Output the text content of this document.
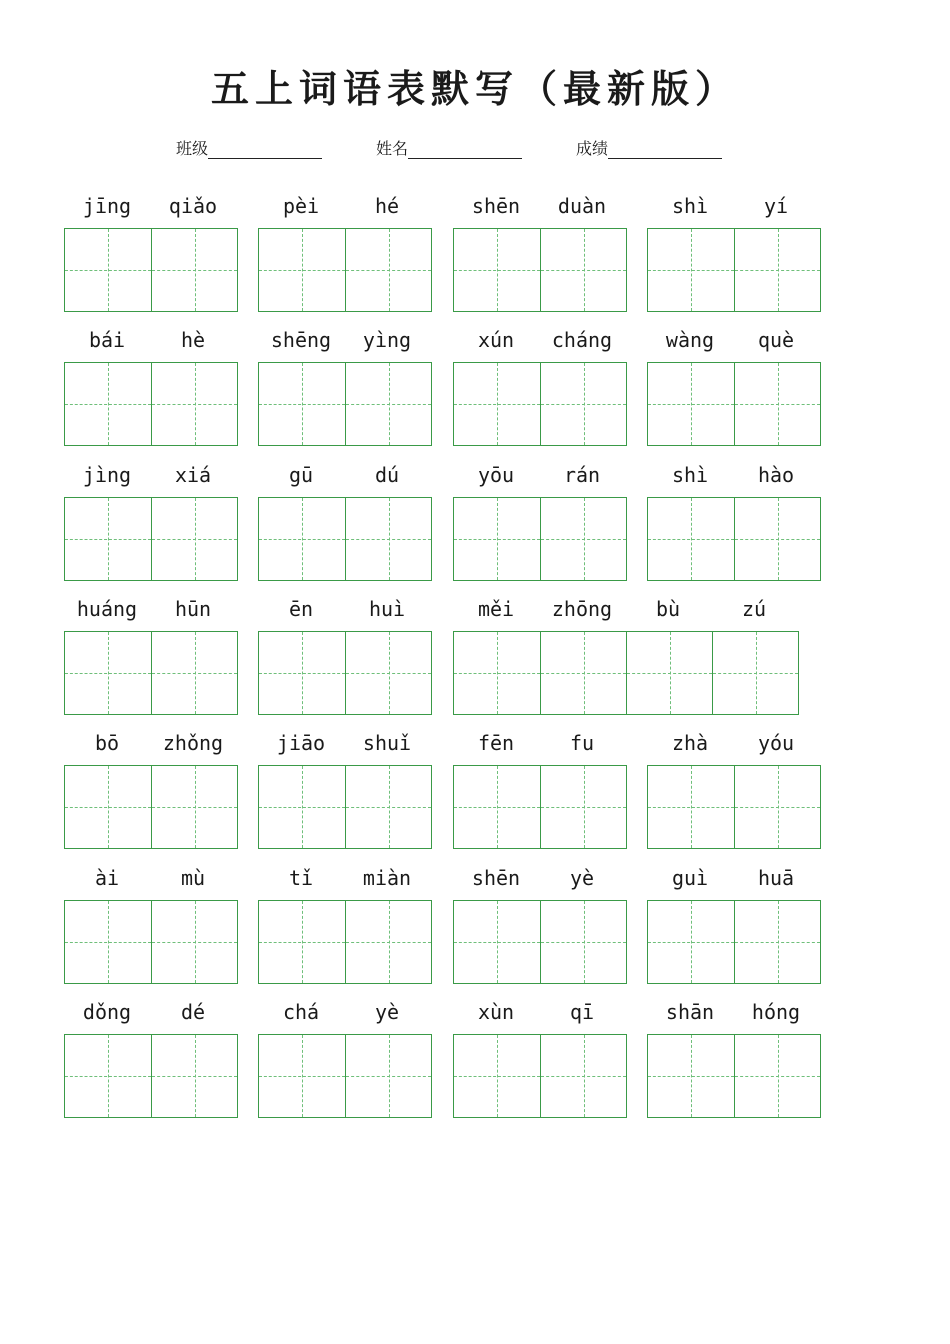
五上词语表默写（最新版）
班级	姓名	成绩
jīng	qiǎo	pèi	hé	shēn	duàn	shì	yí
bái	hè	shēng	yìng	xún	cháng	wàng	què
jìng	xiá	gū	dú	yōu	rán	shì	hào
huáng	hūn	ēn	huì	měi	zhōng	bù	zú
bō	zhǒng	jiāo	shuǐ	fēn	fu	zhà	yóu
ài	mù	tǐ	miàn	shēn	yè	guì	huā
dǒng	dé	chá	yè	xùn	qī	shān	hóng
